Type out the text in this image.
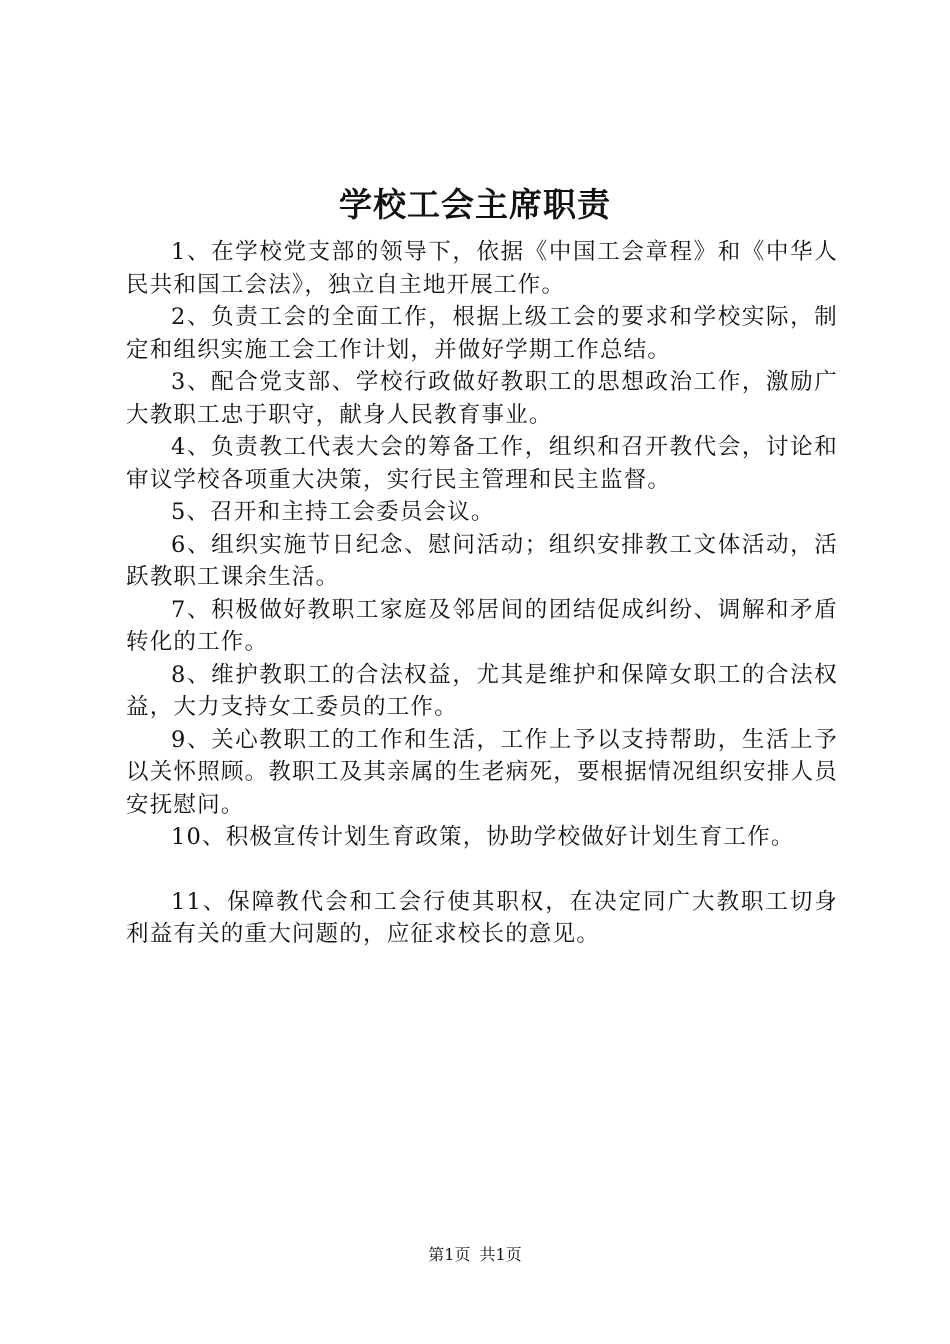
学校工会主席职责

1、在学校党支部的领导下，依据《中国工会章程》和《中华人民共和国工会法》，独立自主地开展工作。

2、负责工会的全面工作，根据上级工会的要求和学校实际，制定和组织实施工会工作计划，并做好学期工作总结。

3、配合党支部、学校行政做好教职工的思想政治工作，激励广大教职工忠于职守，献身人民教育事业。

4、负责教工代表大会的筹备工作，组织和召开教代会，讨论和审议学校各项重大决策，实行民主管理和民主监督。

5、召开和主持工会委员会议。

6、组织实施节日纪念、慰问活动；组织安排教工文体活动，活跃教职工课余生活。

7、积极做好教职工家庭及邻居间的团结促成纠纷、调解和矛盾转化的工作。

8、维护教职工的合法权益，尤其是维护和保障女职工的合法权益，大力支持女工委员的工作。

9、关心教职工的工作和生活，工作上予以支持帮助，生活上予以关怀照顾。教职工及其亲属的生老病死，要根据情况组织安排人员安抚慰问。

10、积极宣传计划生育政策，协助学校做好计划生育工作。

11、保障教代会和工会行使其职权，在决定同广大教职工切身利益有关的重大问题的，应征求校长的意见。

第1页 共1页
